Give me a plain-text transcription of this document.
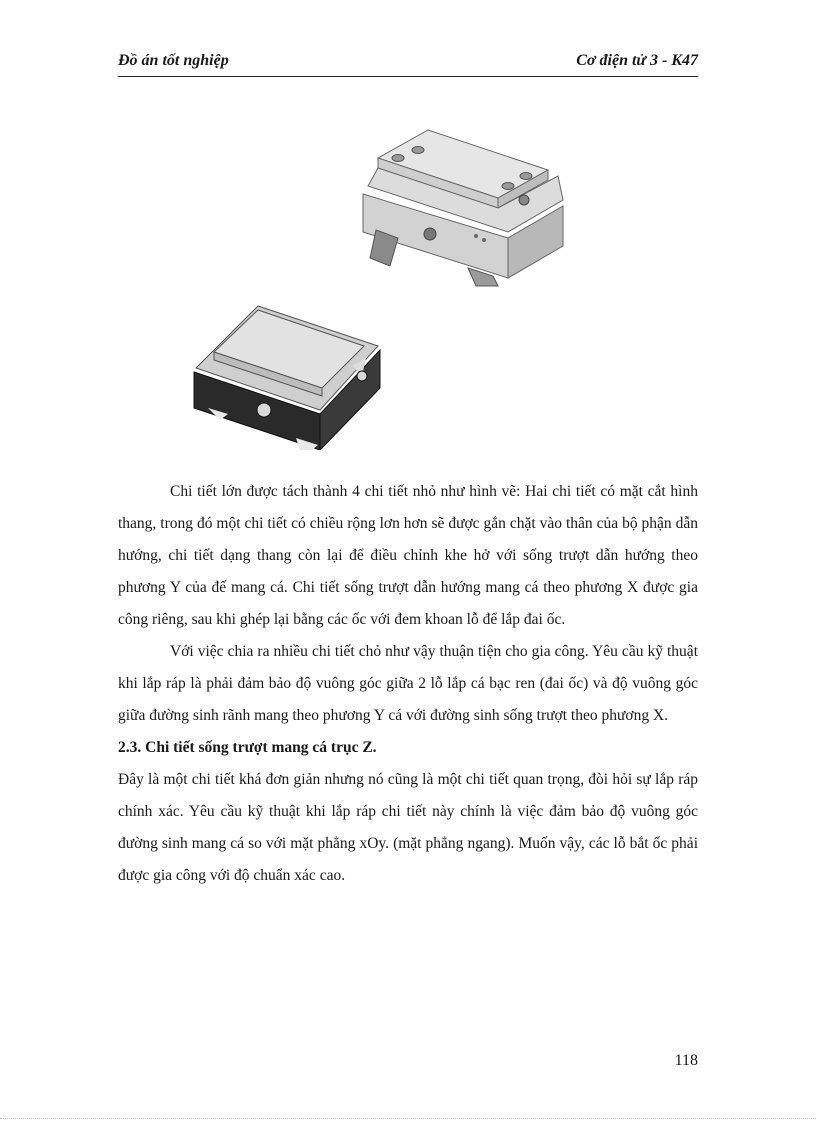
Đồ án tốt nghiệp	Cơ điện tử 3 - K47

Chi tiết lớn được tách thành 4 chi tiết nhỏ như hình vẽ: Hai chi tiết có mặt cắt hình thang, trong đó một chi tiết có chiều rộng lơn hơn sẽ được gắn chặt vào thân của bộ phận dẫn hướng, chi tiết dạng thang còn lại để điều chỉnh khe hở với sống trượt dẫn hướng theo phương Y của đế mang cá. Chi tiết sống trượt dẫn hướng mang cá theo phương X được gia công riêng, sau khi ghép lại bằng các ốc với đem khoan lỗ để lắp đai ốc.

Với việc chia ra nhiều chi tiết chỏ như vậy thuận tiện cho gia công. Yêu cầu kỹ thuật khi lắp ráp là phải đảm bảo độ vuông góc giữa 2 lỗ lắp cá bạc ren (đai ốc) và độ vuông góc giữa đường sinh rãnh mang theo phương Y cá với đường sinh sống trượt theo phương X.

2.3. Chi tiết sống trượt mang cá trục Z.

Đây là một chi tiết khá đơn giản nhưng nó cũng là một chi tiết quan trọng, đòi hỏi sự lắp ráp chính xác. Yêu cầu kỹ thuật khi lắp ráp chi tiết này chính là việc đảm bảo độ vuông góc đường sinh mang cá so với mặt phẳng xOy. (mặt phẳng ngang). Muốn vậy, các lỗ bắt ốc phải được gia công với độ chuẩn xác cao.

118
